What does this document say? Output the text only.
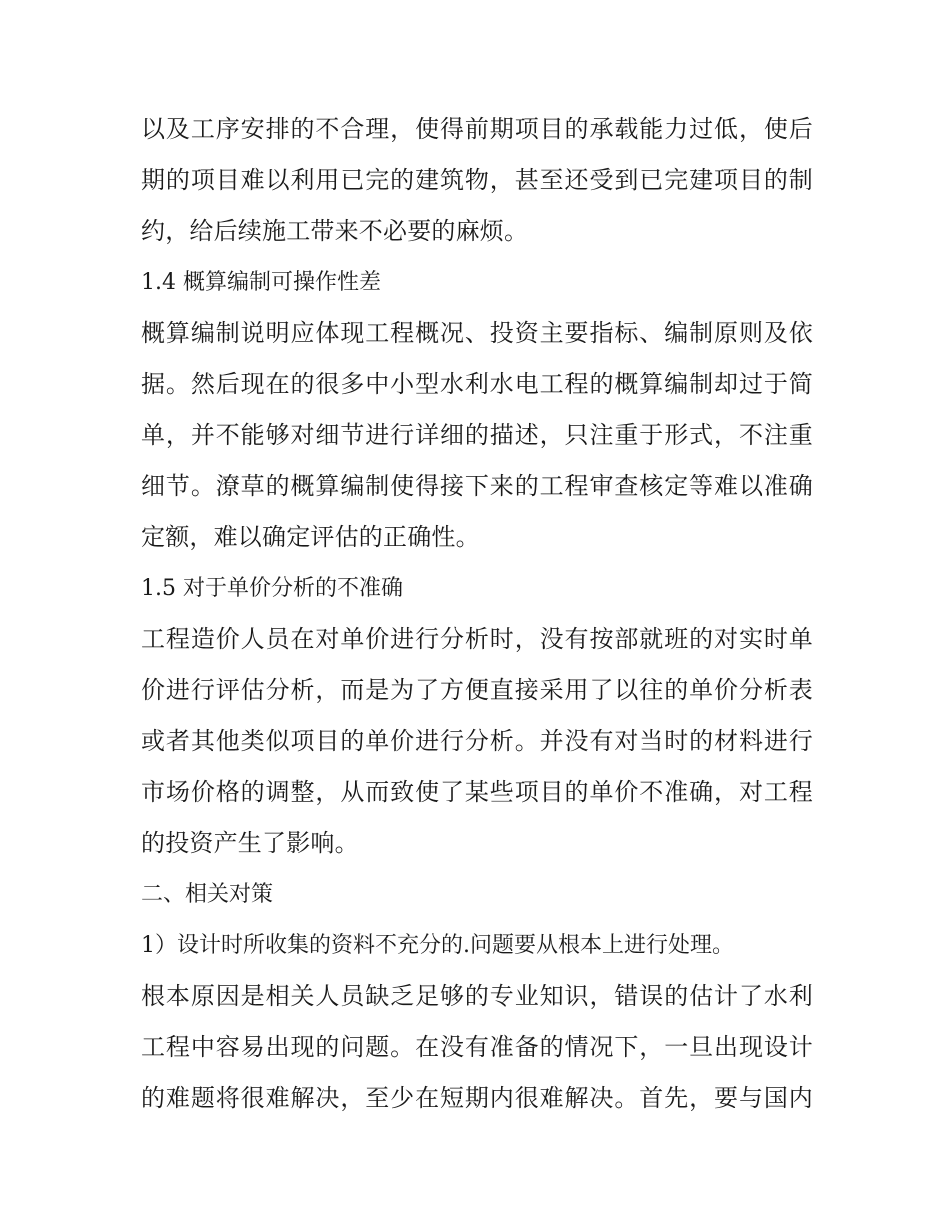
以及工序安排的不合理，使得前期项目的承载能力过低，使后
期的项目难以利用已完的建筑物，甚至还受到已完建项目的制
约，给后续施工带来不必要的麻烦。
1.4 概算编制可操作性差
概算编制说明应体现工程概况、投资主要指标、编制原则及依
据。然后现在的很多中小型水利水电工程的概算编制却过于简
单，并不能够对细节进行详细的描述，只注重于形式，不注重
细节。潦草的概算编制使得接下来的工程审查核定等难以准确
定额，难以确定评估的正确性。
1.5 对于单价分析的不准确
工程造价人员在对单价进行分析时，没有按部就班的对实时单
价进行评估分析，而是为了方便直接采用了以往的单价分析表
或者其他类似项目的单价进行分析。并没有对当时的材料进行
市场价格的调整，从而致使了某些项目的单价不准确，对工程
的投资产生了影响。
二、相关对策
1）设计时所收集的资料不充分的.问题要从根本上进行处理。
根本原因是相关人员缺乏足够的专业知识，错误的估计了水利
工程中容易出现的问题。在没有准备的情况下，一旦出现设计
的难题将很难解决，至少在短期内很难解决。首先，要与国内
